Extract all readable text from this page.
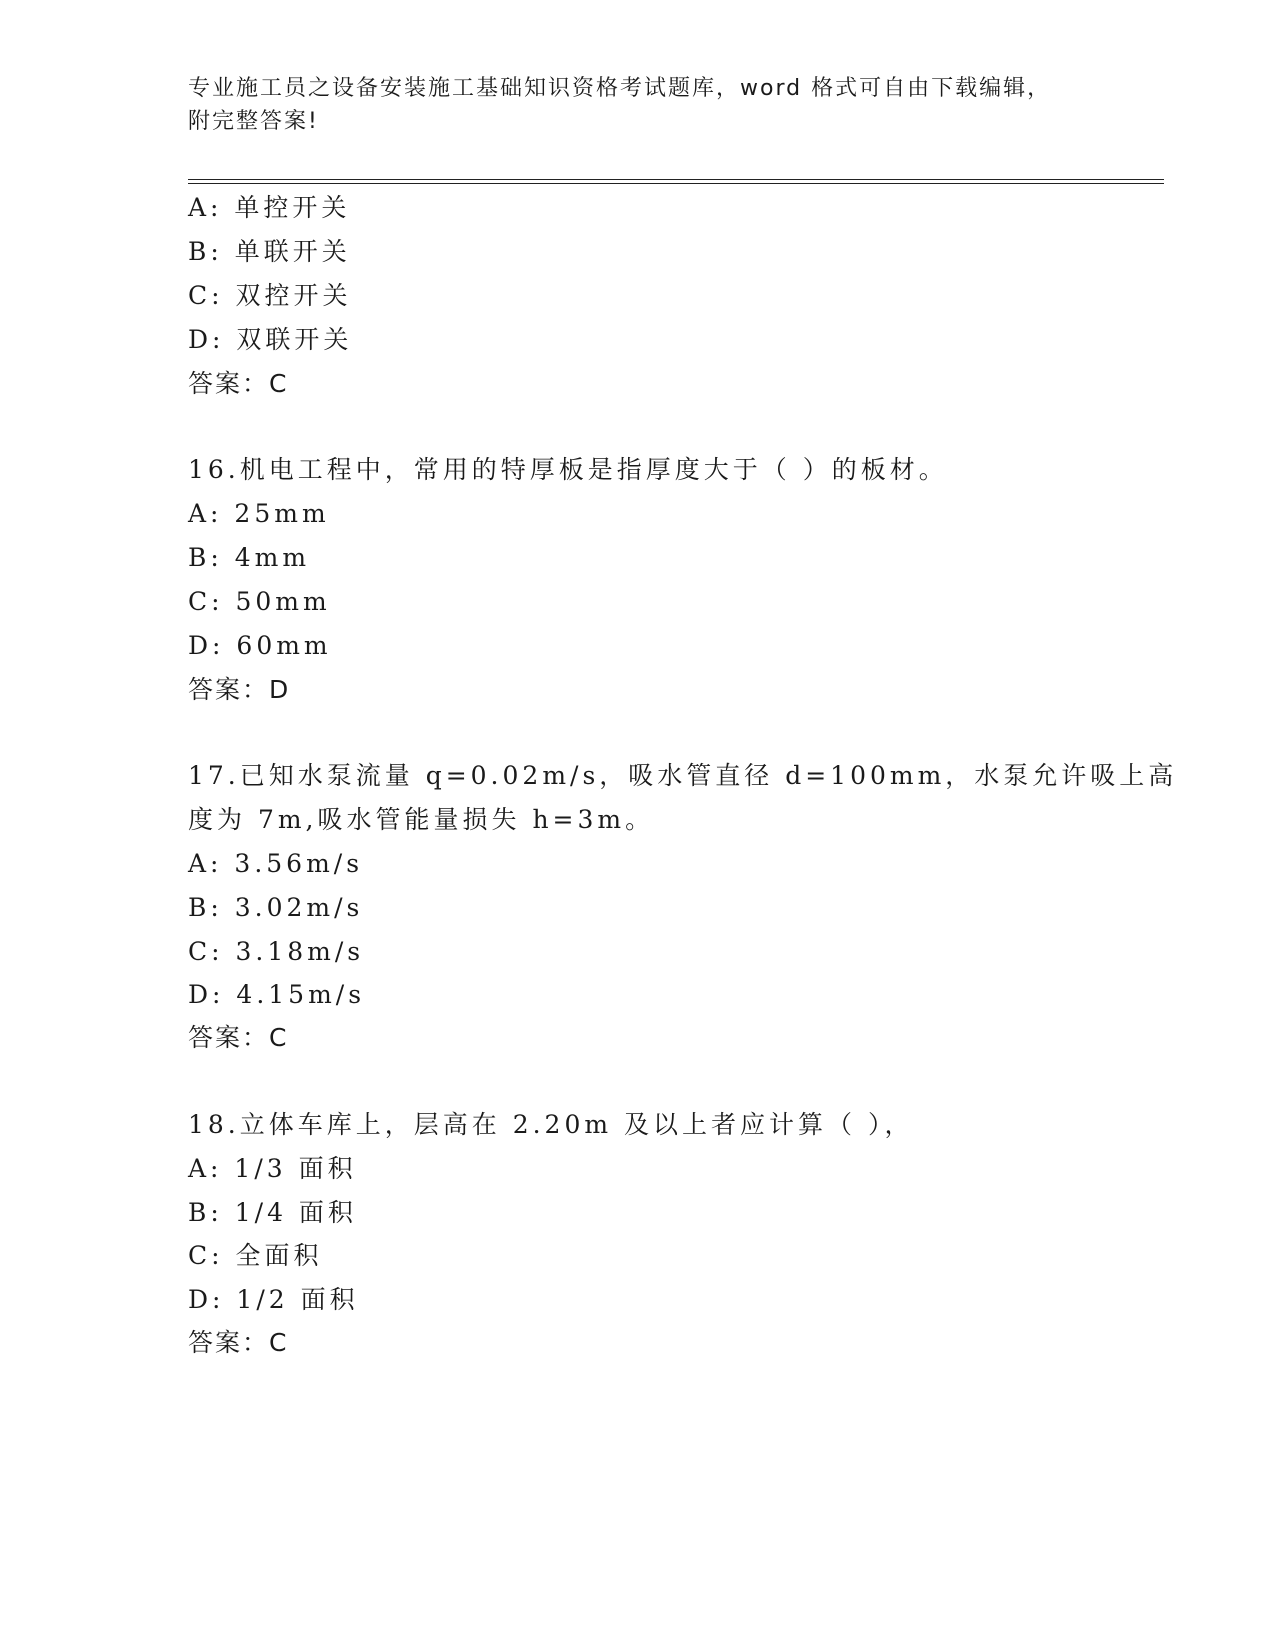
专业施工员之设备安装施工基础知识资格考试题库，word 格式可自由下载编辑，
附完整答案!
A: 单控开关
B: 单联开关
C: 双控开关
D: 双联开关
答案：C
16.机电工程中，常用的特厚板是指厚度大于（ ）的板材。
A: 25mm
B: 4mm
C: 50mm
D: 60mm
答案：D
17.已知水泵流量 q=0.02m/s，吸水管直径 d=100mm，水泵允许吸上高
度为 7m,吸水管能量损失 h=3m。
A: 3.56m/s
B: 3.02m/s
C: 3.18m/s
D: 4.15m/s
答案：C
18.立体车库上，层高在 2.20m 及以上者应计算（ ），
A: 1/3 面积
B: 1/4 面积
C: 全面积
D: 1/2 面积
答案：C
